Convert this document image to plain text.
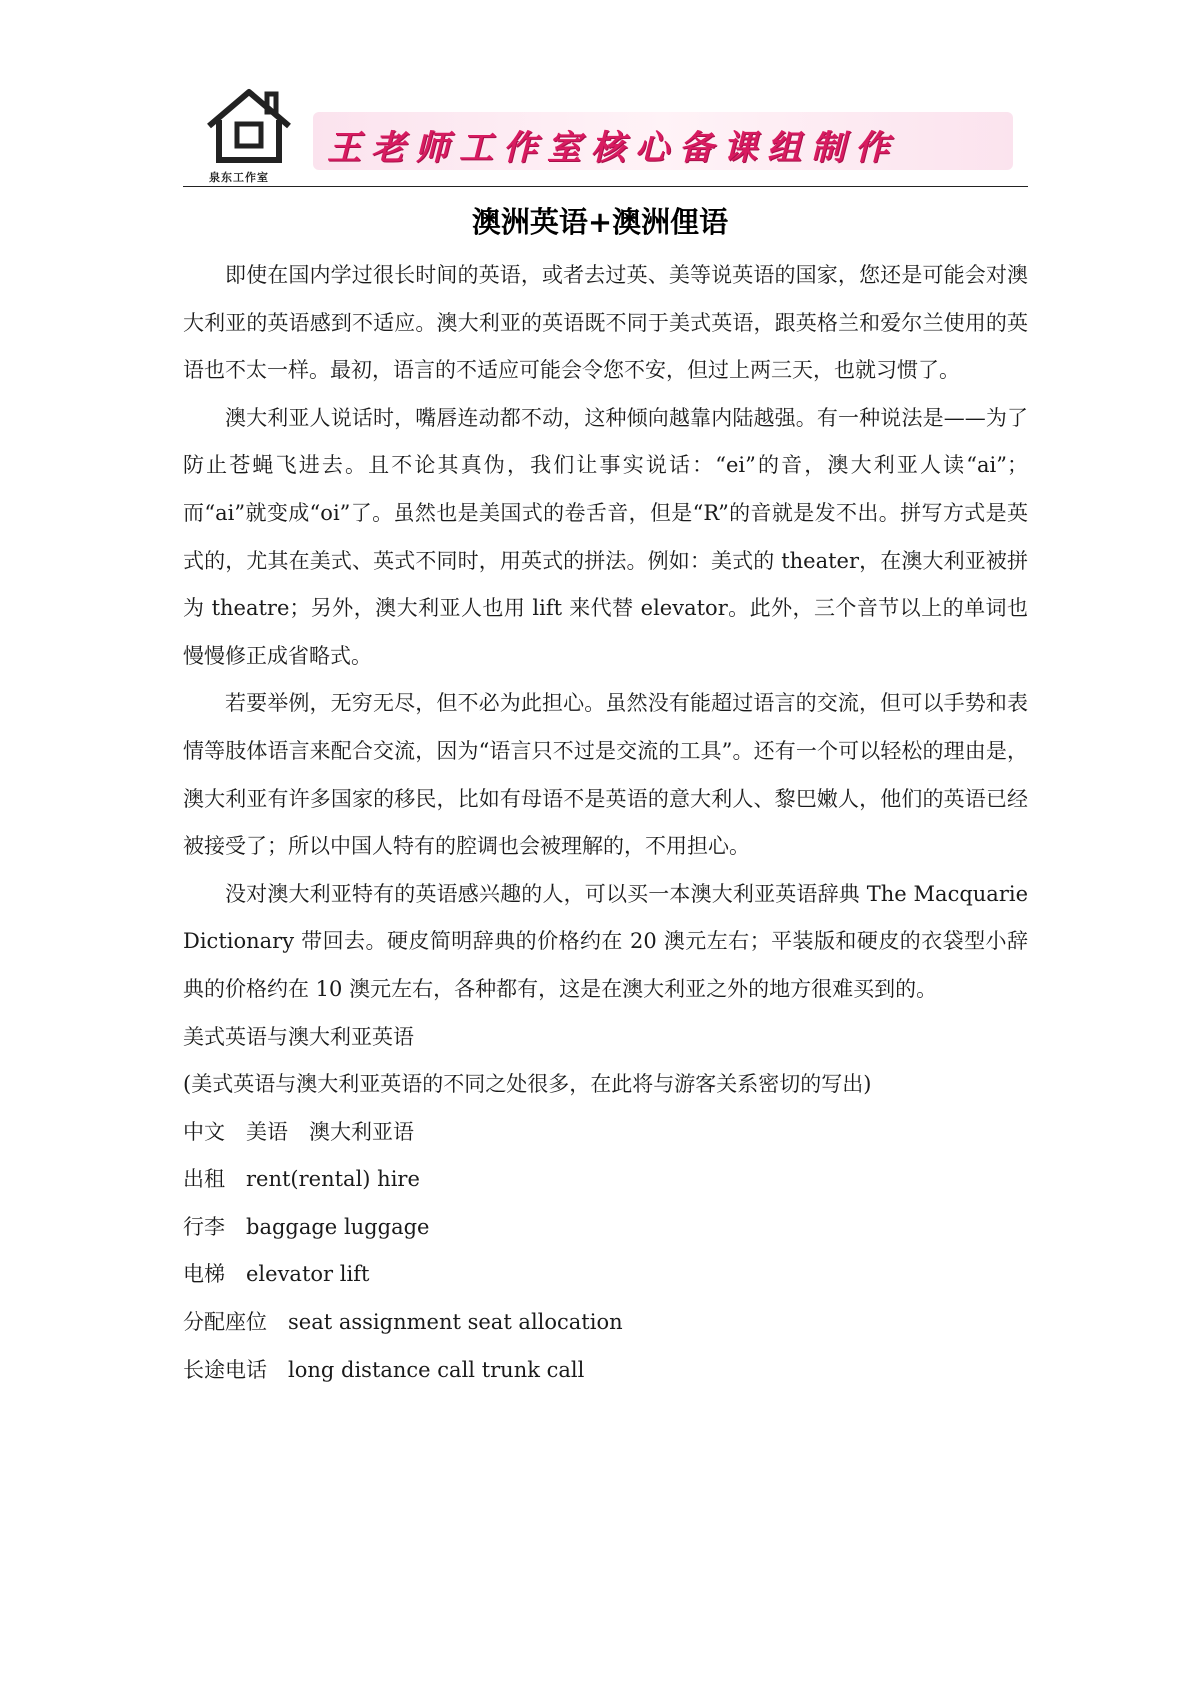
泉东工作室
王老师工作室核心备课组制作
澳洲英语+澳洲俚语

即使在国内学过很长时间的英语，或者去过英、美等说英语的国家，您还是可能会对澳大利亚的英语感到不适应。澳大利亚的英语既不同于美式英语，跟英格兰和爱尔兰使用的英语也不太一样。最初，语言的不适应可能会令您不安，但过上两三天，也就习惯了。

澳大利亚人说话时，嘴唇连动都不动，这种倾向越靠内陆越强。有一种说法是——为了防止苍蝇飞进去。且不论其真伪，我们让事实说话：“ei”的音，澳大利亚人读“ai”；而“ai”就变成“oi”了。虽然也是美国式的卷舌音，但是“R”的音就是发不出。拼写方式是英式的，尤其在美式、英式不同时，用英式的拼法。例如：美式的 theater，在澳大利亚被拼为 theatre；另外，澳大利亚人也用 lift 来代替 elevator。此外，三个音节以上的单词也慢慢修正成省略式。

若要举例，无穷无尽，但不必为此担心。虽然没有能超过语言的交流，但可以手势和表情等肢体语言来配合交流，因为“语言只不过是交流的工具”。还有一个可以轻松的理由是，澳大利亚有许多国家的移民，比如有母语不是英语的意大利人、黎巴嫩人，他们的英语已经被接受了；所以中国人特有的腔调也会被理解的，不用担心。

没对澳大利亚特有的英语感兴趣的人，可以买一本澳大利亚英语辞典 The Macquarie Dictionary 带回去。硬皮简明辞典的价格约在 20 澳元左右；平装版和硬皮的衣袋型小辞典的价格约在 10 澳元左右，各种都有，这是在澳大利亚之外的地方很难买到的。

美式英语与澳大利亚英语

(美式英语与澳大利亚英语的不同之处很多，在此将与游客关系密切的写出)

中文 美语 澳大利亚语

出租 rent(rental) hire

行李 baggage luggage

电梯 elevator lift

分配座位 seat assignment seat allocation

长途电话 long distance call trunk call
